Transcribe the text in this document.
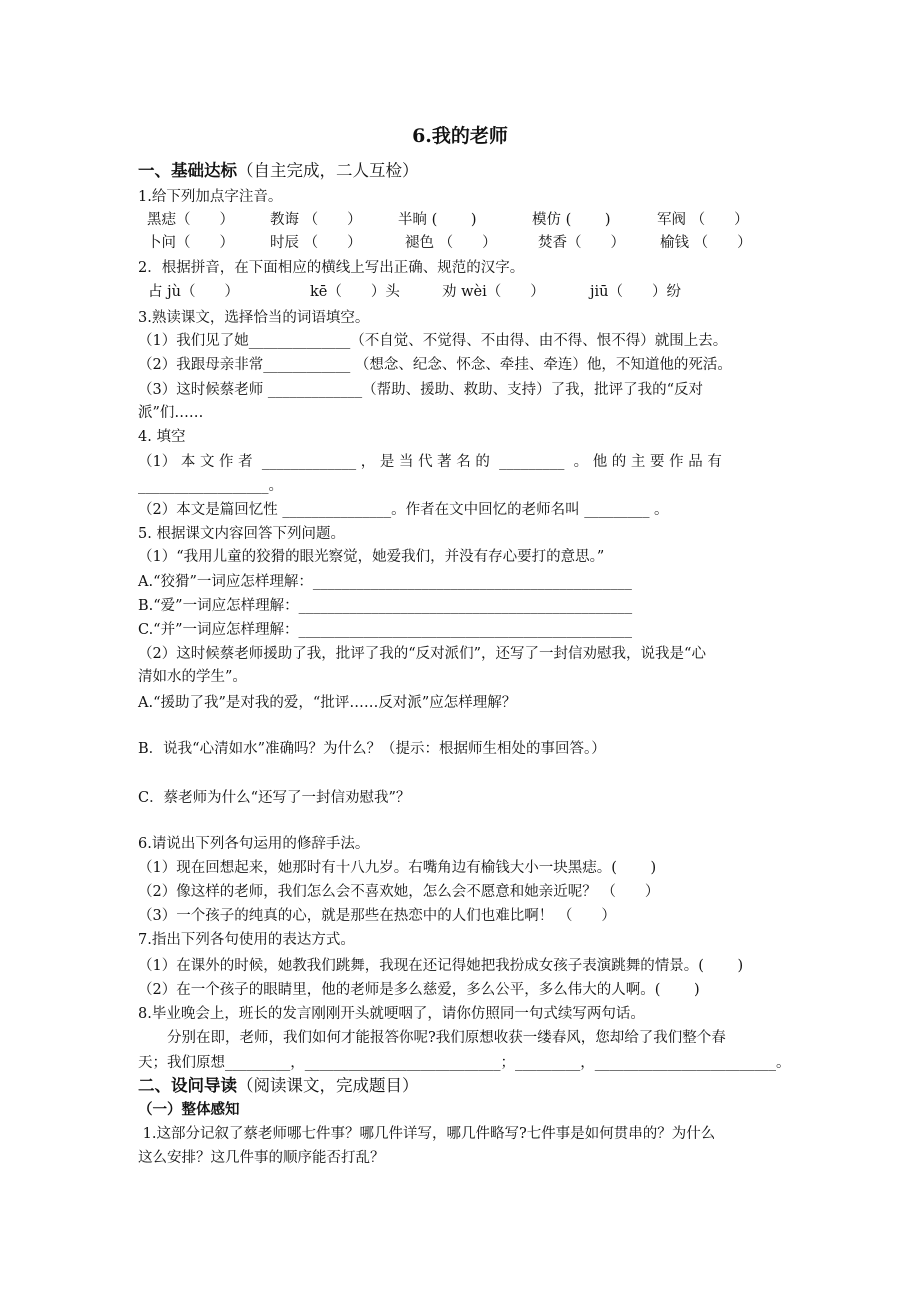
6.我的老师
一、基础达标（自主完成，二人互检）
1.给下列加点字注音。
黑痣（　　） 教诲 （　　）	半晌 (　　 )	模仿 (　　 )	军阀 （　　）
卜问（　　） 时辰 （　　）	褪色 （　　）	焚香（　　） 榆钱 （　　）
2．根据拼音，在下面相应的横线上写出正确、规范的汉字。
占 jù（　　）	kē（　　）头	劝 wèi（　　）	jiū（　　）纷
3.熟读课文，选择恰当的词语填空。
（1）我们见了她______________（不自觉、不觉得、不由得、由不得、恨不得）就围上去。
（2）我跟母亲非常____________ （想念、纪念、怀念、牵挂、牵连）他，不知道他的死活。
（3）这时候蔡老师 _____________（帮助、援助、救助、支持）了我，批评了我的“反对
派”们……
4. 填空
（1） 本 文 作 者  _____________ ， 是 当 代 著 名 的  _________  。 他 的 主 要 作 品 有
__________________。
（2）本文是篇回忆性 _______________。作者在文中回忆的老师名叫 _________ 。
5. 根据课文内容回答下列问题。
（1）“我用儿童的狡猾的眼光察觉，她爱我们，并没有存心要打的意思。”
A.“狡猾”一词应怎样理解：____________________________________________
B.“爱”一词应怎样理解：______________________________________________
C.“并”一词应怎样理解：______________________________________________
（2）这时候蔡老师援助了我，批评了我的“反对派们”，还写了一封信劝慰我，说我是“心
清如水的学生”。
A.“援助了我”是对我的爱，“批评……反对派”应怎样理解？
B．说我“心清如水”准确吗？为什么？（提示：根据师生相处的事回答。）
C．蔡老师为什么“还写了一封信劝慰我”？
6.请说出下列各句运用的修辞手法。
（1）现在回想起来，她那时有十八九岁。右嘴角边有榆钱大小一块黑痣。(　　 )
（2）像这样的老师，我们怎么会不喜欢她，怎么会不愿意和她亲近呢？ （　　）
（3）一个孩子的纯真的心，就是那些在热恋中的人们也难比啊！ （　　）
7.指出下列各句使用的表达方式。
（1）在课外的时候，她教我们跳舞，我现在还记得她把我扮成女孩子表演跳舞的情景。(　　 )
（2）在一个孩子的眼睛里，他的老师是多么慈爱，多么公平，多么伟大的人啊。(　　 )
8.毕业晚会上，班长的发言刚刚开头就哽咽了，请你仿照同一句式续写两句话。
　　分别在即，老师，我们如何才能报答你呢?我们原想收获一缕春风，您却给了我们整个春
天；我们原想_________，___________________________；_________，_________________________。
二、设问导读（阅读课文，完成题目）
（一）整体感知
1.这部分记叙了蔡老师哪七件事？哪几件详写，哪几件略写?七件事是如何贯串的？为什么
这么安排？这几件事的顺序能否打乱？
